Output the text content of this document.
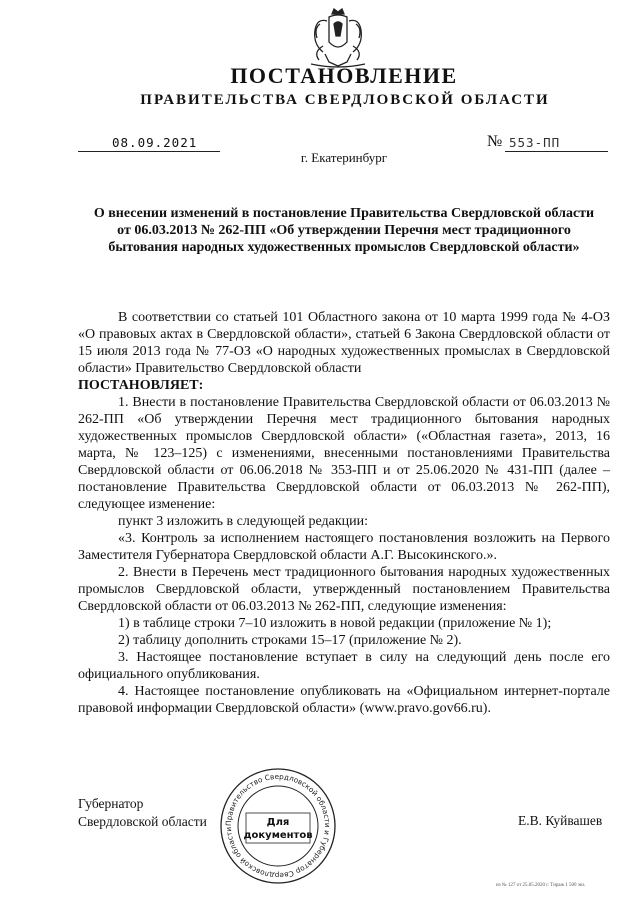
ПОСТАНОВЛЕНИЕ
ПРАВИТЕЛЬСТВА СВЕРДЛОВСКОЙ ОБЛАСТИ
08.09.2021	№ 553-ПП
г. Екатеринбург
О внесении изменений в постановление Правительства Свердловской области от 06.03.2013 № 262-ПП «Об утверждении Перечня мест традиционного бытования народных художественных промыслов Свердловской области»

В соответствии со статьей 101 Областного закона от 10 марта 1999 года № 4-ОЗ «О правовых актах в Свердловской области», статьей 6 Закона Свердловской области от 15 июля 2013 года № 77-ОЗ «О народных художественных промыслах в Свердловской области» Правительство Свердловской области

ПОСТАНОВЛЯЕТ:

1. Внести в постановление Правительства Свердловской области от 06.03.2013 № 262-ПП «Об утверждении Перечня мест традиционного бытования народных художественных промыслов Свердловской области» («Областная газета», 2013, 16 марта, № 123–125) с изменениями, внесенными постановлениями Правительства Свердловской области от 06.06.2018 № 353-ПП и от 25.06.2020 № 431-ПП (далее – постановление Правительства Свердловской области от 06.03.2013 № 262-ПП), следующее изменение:

пункт 3 изложить в следующей редакции:

«3. Контроль за исполнением настоящего постановления возложить на Первого Заместителя Губернатора Свердловской области А.Г. Высокинского.».

2. Внести в Перечень мест традиционного бытования народных художественных промыслов Свердловской области, утвержденный постановлением Правительства Свердловской области от 06.03.2013 № 262-ПП, следующие изменения:

1) в таблице строки 7–10 изложить в новой редакции (приложение № 1);

2) таблицу дополнить строками 15–17 (приложение № 2).

3. Настоящее постановление вступает в силу на следующий день после его официального опубликования.

4. Настоящее постановление опубликовать на «Официальном интернет-портале правовой информации Свердловской области» (www.pravo.gov66.ru).

Губернатор
Свердловской области	Е.В. Куйвашев
Правительство Свердловской области и Губернатор Свердловской области
Для
документов
из № 127 от 25.05.2020 г. Тираж 1 500 экз.
